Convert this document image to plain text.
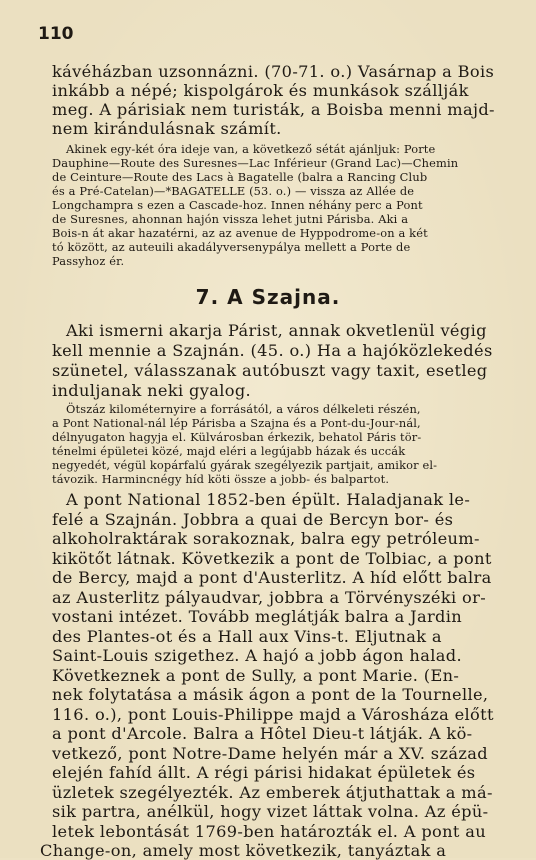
110
kávéházban uzsonnázni. (70-71. o.) Vasárnap a Bois
inkább a népé; kispolgárok és munkások szállják
meg. A párisiak nem turisták, a Boisba menni majd-
nem kirándulásnak számít.
Akinek egy-két óra ideje van, a következő sétát ajánljuk: Porte
Dauphine—Route des Suresnes—Lac Inférieur (Grand Lac)—Chemin
de Ceinture—Route des Lacs à Bagatelle (balra a Rancing Club
és a Pré-Catelan)—*BAGATELLE (53. o.) — vissza az Allée de
Longchampra s ezen a Cascade-hoz. Innen néhány perc a Pont
de Suresnes, ahonnan hajón vissza lehet jutni Párisba. Aki a
Bois-n át akar hazatérni, az az avenue de Hyppodrome-on a két
tó között, az auteuili akadályversenypálya mellett a Porte de
Passyhoz ér.
7. A Szajna.
Aki ismerni akarja Párist, annak okvetlenül végig
kell mennie a Szajnán. (45. o.) Ha a hajóközlekedés
szünetel, válasszanak autóbuszt vagy taxit, esetleg
induljanak neki gyalog.
Ötszáz kilométernyire a forrásától, a város délkeleti részén,
a Pont National-nál lép Párisba a Szajna és a Pont-du-Jour-nál,
délnyugaton hagyja el. Külvárosban érkezik, behatol Páris tör-
ténelmi épületei közé, majd eléri a legújabb házak és uccák
negyedét, végül kopárfalú gyárak szegélyezik partjait, amikor el-
távozik. Harmincnégy híd köti össze a jobb- és balpartot.
A pont National 1852-ben épült. Haladjanak le-
felé a Szajnán. Jobbra a quai de Bercyn bor- és
alkoholraktárak sorakoznak, balra egy petróleum-
kikötőt látnak. Következik a pont de Tolbiac, a pont
de Bercy, majd a pont d'Austerlitz. A híd előtt balra
az Austerlitz pályaudvar, jobbra a Törvényszéki or-
vostani intézet. Tovább meglátják balra a Jardin
des Plantes-ot és a Hall aux Vins-t. Eljutnak a
Saint-Louis szigethez. A hajó a jobb ágon halad.
Következnek a pont de Sully, a pont Marie. (En-
nek folytatása a másik ágon a pont de la Tournelle,
116. o.), pont Louis-Philippe majd a Városháza előtt
a pont d'Arcole. Balra a Hôtel Dieu-t látják. A kö-
vetkező, pont Notre-Dame helyén már a XV. század
elején fahíd állt. A régi párisi hidakat épületek és
üzletek szegélyezték. Az emberek átjuthattak a má-
sik partra, anélkül, hogy vizet láttak volna. Az épü-
letek lebontását 1769-ben határozták el. A pont au
Change-on, amely most következik, tanyáztak a
